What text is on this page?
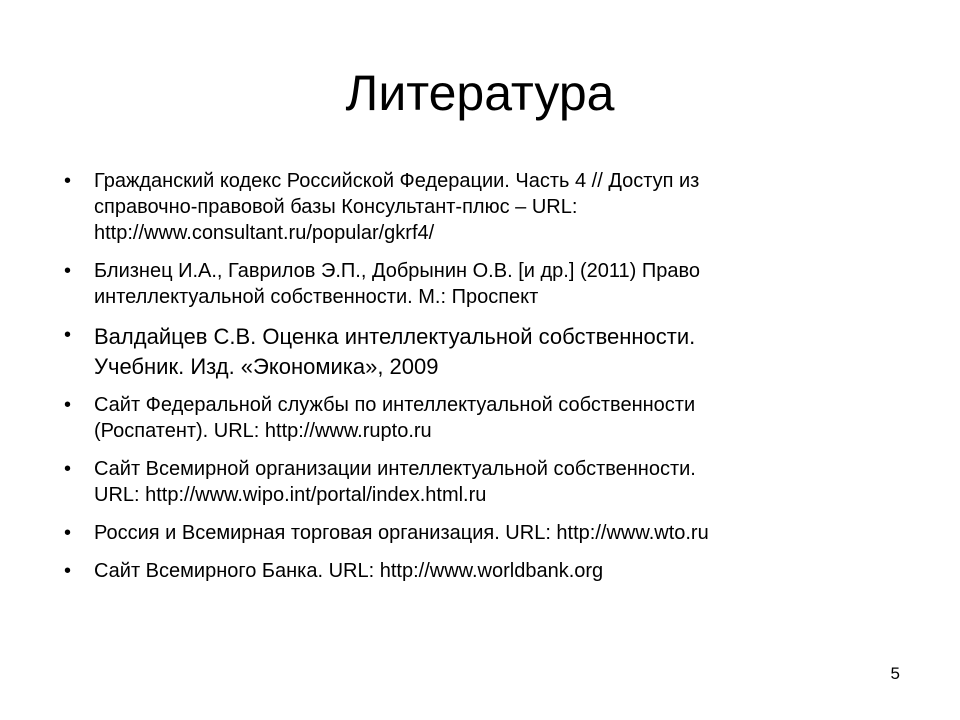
Литература
• Гражданский кодекс Российской Федерации. Часть 4 // Доступ из
справочно-правовой базы Консультант-плюс – URL:
http://www.consultant.ru/popular/gkrf4/
• Близнец И.А., Гаврилов Э.П., Добрынин О.В. [и др.] (2011) Право
интеллектуальной собственности. М.: Проспект
• Валдайцев С.В. Оценка интеллектуальной собственности.
Учебник. Изд. «Экономика», 2009
• Сайт Федеральной службы по интеллектуальной собственности
(Роспатент). URL: http://www.rupto.ru
• Сайт Всемирной организации интеллектуальной собственности.
URL: http://www.wipo.int/portal/index.html.ru
• Россия и Всемирная торговая организация. URL: http://www.wto.ru
• Сайт Всемирного Банка. URL: http://www.worldbank.org
5
